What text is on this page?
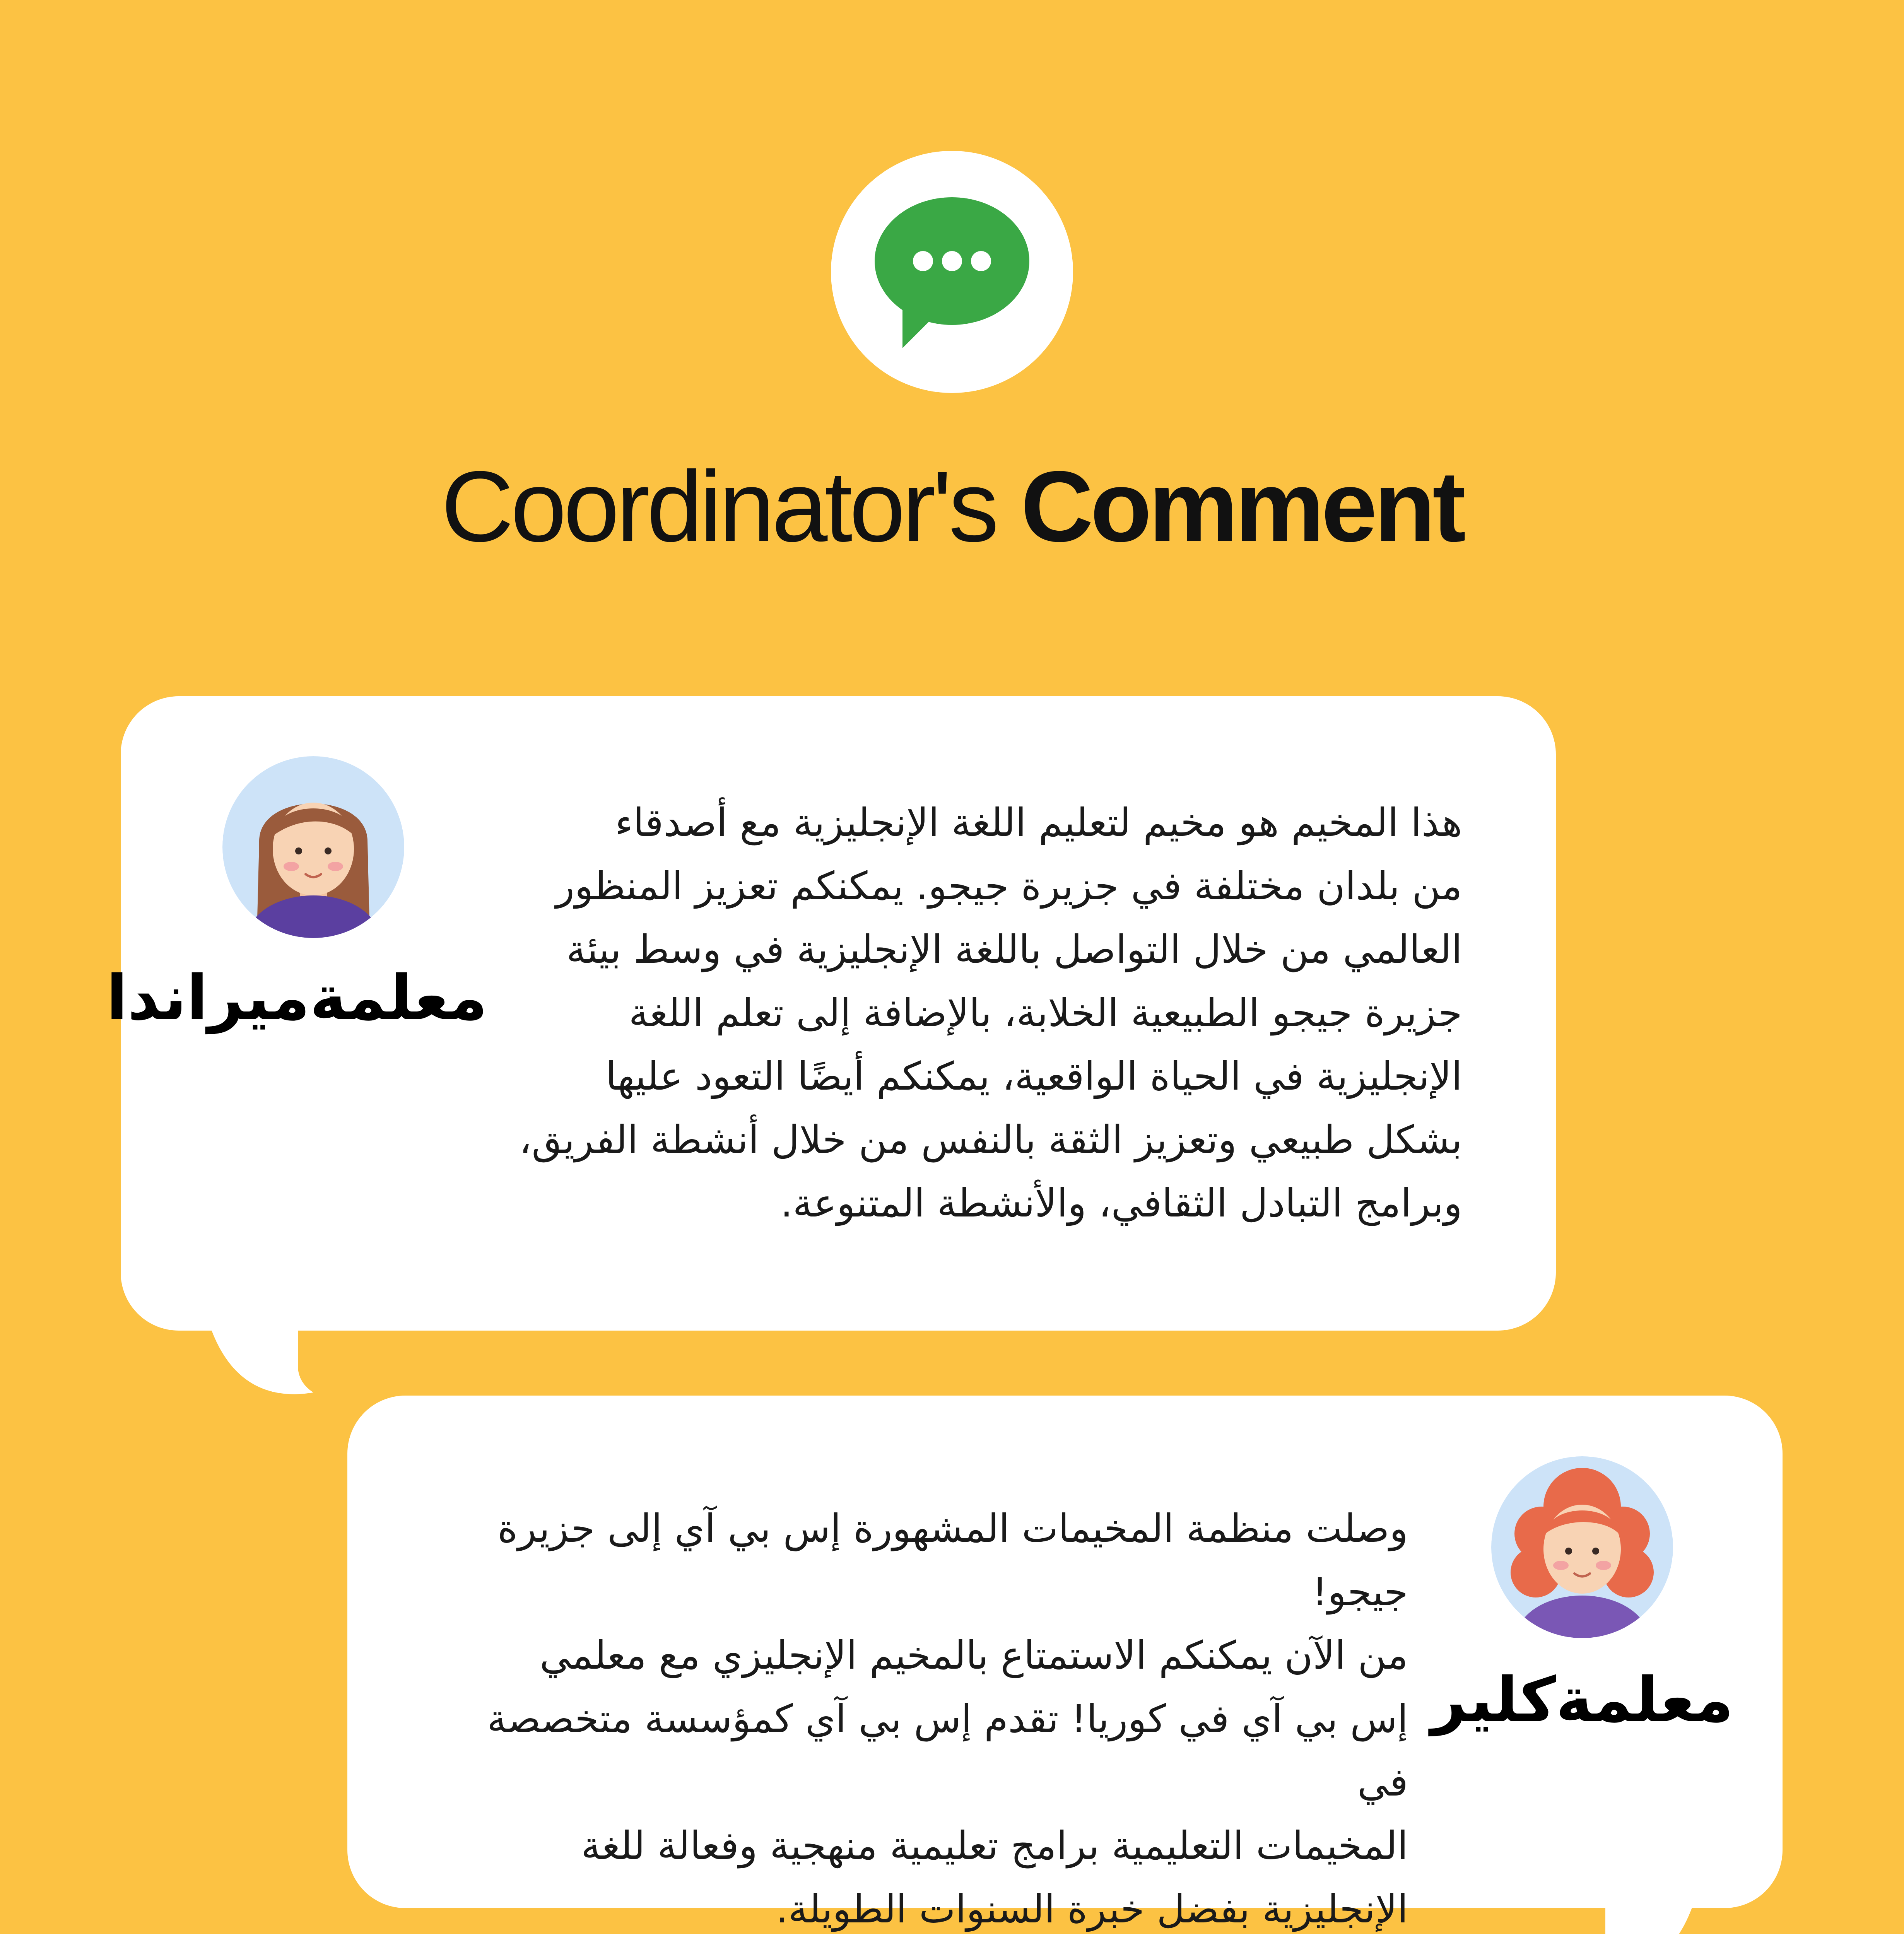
Coordinator's Comment
هذا المخيم هو مخيم لتعليم اللغة الإنجليزية مع أصدقاء
من بلدان مختلفة في جزيرة جيجو. يمكنكم تعزيز المنظور
العالمي من خلال التواصل باللغة الإنجليزية في وسط بيئة
جزيرة جيجو الطبيعية الخلابة، بالإضافة إلى تعلم اللغة
الإنجليزية في الحياة الواقعية، يمكنكم أيضًا التعود عليها
بشكل طبيعي وتعزيز الثقة بالنفس من خلال أنشطة الفريق،
وبرامج التبادل الثقافي، والأنشطة المتنوعة.
معلمةميراندا
وصلت منظمة المخيمات المشهورة إس بي آي إلى جزيرة جيجو!
من الآن يمكنكم الاستمتاع بالمخيم الإنجليزي مع معلمي
إس بي آي في كوريا! تقدم إس بي آي كمؤسسة متخصصة في
المخيمات التعليمية برامج تعليمية منهجية وفعالة للغة
الإنجليزية بفضل خبرة السنوات الطويلة.
معلمةكلير
